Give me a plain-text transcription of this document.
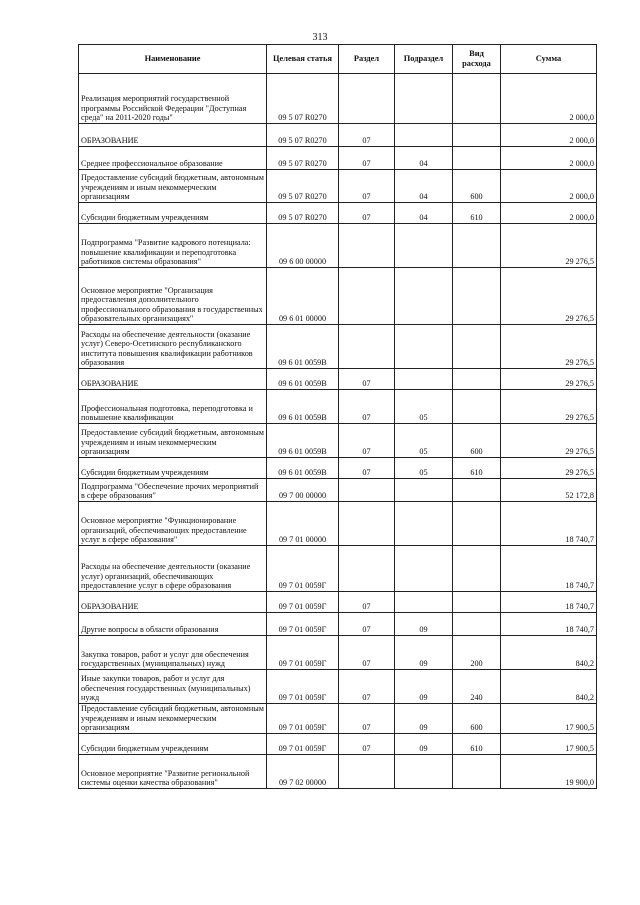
313
Наименование	Целевая статья	Раздел	Подраздел	Вид расхода	Сумма
Реализация мероприятий государственной программы Российской Федерации "Доступная среда" на 2011-2020 годы"	09 5 07 R0270				2 000,0
ОБРАЗОВАНИЕ	09 5 07 R0270	07			2 000,0
Среднее профессиональное образование	09 5 07 R0270	07	04		2 000,0
Предоставление субсидий бюджетным, автономным учреждениям и иным некоммерческим организациям	09 5 07 R0270	07	04	600	2 000,0
Субсидии бюджетным учреждениям	09 5 07 R0270	07	04	610	2 000,0
Подпрограмма "Развитие кадрового потенциала: повышение квалификации и переподготовка работников системы образования"	09 6 00 00000				29 276,5
Основное мероприятие "Организация предоставления дополнительного профессионального образования в государственных образовательных организациях"	09 6 01 00000				29 276,5
Расходы на обеспечение деятельности (оказание услуг) Северо-Осетинского республиканского института повышения квалификации работников образования	09 6 01 0059В				29 276,5
ОБРАЗОВАНИЕ	09 6 01 0059В	07			29 276,5
Профессиональная подготовка, переподготовка и повышение квалификации	09 6 01 0059В	07	05		29 276,5
Предоставление субсидий бюджетным, автономным учреждениям и иным некоммерческим организациям	09 6 01 0059В	07	05	600	29 276,5
Субсидии бюджетным учреждениям	09 6 01 0059В	07	05	610	29 276,5
Подпрограмма "Обеспечение прочих мероприятий в сфере образования"	09 7 00 00000				52 172,8
Основное мероприятие "Функционирование организаций, обеспечивающих предоставление услуг в сфере образования"	09 7 01 00000				18 740,7
Расходы на обеспечение деятельности (оказание услуг) организаций, обеспечивающих предоставление услуг в сфере образования	09 7 01 0059Г				18 740,7
ОБРАЗОВАНИЕ	09 7 01 0059Г	07			18 740,7
Другие вопросы в области образования	09 7 01 0059Г	07	09		18 740,7
Закупка товаров, работ и услуг для обеспечения государственных (муниципальных) нужд	09 7 01 0059Г	07	09	200	840,2
Иные закупки товаров, работ и услуг для обеспечения государственных (муниципальных) нужд	09 7 01 0059Г	07	09	240	840,2
Предоставление субсидий бюджетным, автономным учреждениям и иным некоммерческим организациям	09 7 01 0059Г	07	09	600	17 900,5
Субсидии бюджетным учреждениям	09 7 01 0059Г	07	09	610	17 900,5
Основное мероприятие "Развитие региональной системы оценки качества образования"	09 7 02 00000				19 900,0
